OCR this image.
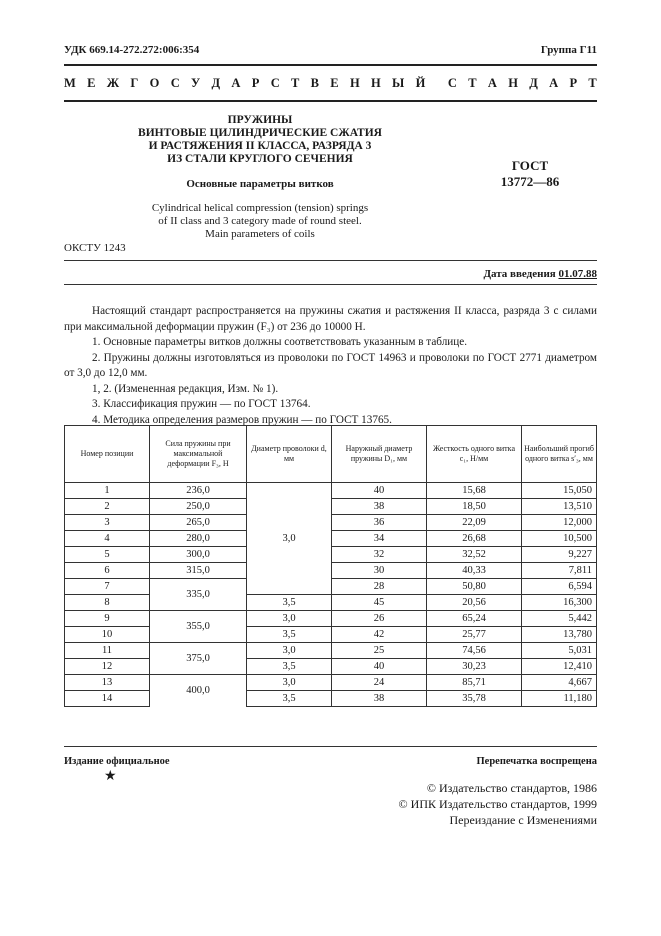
УДК 669.14-272.272:006:354	Группа Г11
М Е Ж Г О С У Д А Р С Т В Е Н Н Ы Й С Т А Н Д А Р Т
ПРУЖИНЫ
ВИНТОВЫЕ ЦИЛИНДРИЧЕСКИЕ СЖАТИЯ
И РАСТЯЖЕНИЯ II КЛАССА, РАЗРЯДА 3
ИЗ СТАЛИ КРУГЛОГО СЕЧЕНИЯ
Основные параметры витков
Cylindrical helical compression (tension) springs
of II class and 3 category made of round steel.
Main parameters of coils
ГОСТ
13772—86
ОКСТУ 1243
Дата введения 01.07.88

Настоящий стандарт распространяется на пружины сжатия и растяжения II класса, разряда 3 с силами при максимальной деформации пружин (F₃) от 236 до 10000 Н.

1. Основные параметры витков должны соответствовать указанным в таблице.

2. Пружины должны изготовляться из проволоки по ГОСТ 14963 и проволоки по ГОСТ 2771 диаметром от 3,0 до 12,0 мм.

1, 2. (Измененная редакция, Изм. № 1).

3. Классификация пружин — по ГОСТ 13764.

4. Методика определения размеров пружин — по ГОСТ 13765.

Номер позиции	Сила пружины при максимальной деформации F₃, Н	Диаметр проволоки d, мм	Наружный диаметр пружины D₁, мм	Жесткость одного витка c₁, Н/мм	Наибольший прогиб одного витка s′₃, мм
1	236,0	3,0	40	15,68	15,050
2	250,0		38	18,50	13,510
3	265,0		36	22,09	12,000
4	280,0		34	26,68	10,500
5	300,0		32	32,52	9,227
6	315,0		30	40,33	7,811
7	335,0		28	50,80	6,594
8		3,5	45	20,56	16,300
9	355,0	3,0	26	65,24	5,442
10		3,5	42	25,77	13,780
11	375,0	3,0	25	74,56	5,031
12		3,5	40	30,23	12,410
13	400,0	3,0	24	85,71	4,667
14		3,5	38	35,78	11,180
Издание официальное	Перепечатка воспрещена
★
© Издательство стандартов, 1986
© ИПК Издательство стандартов, 1999
Переиздание с Изменениями
